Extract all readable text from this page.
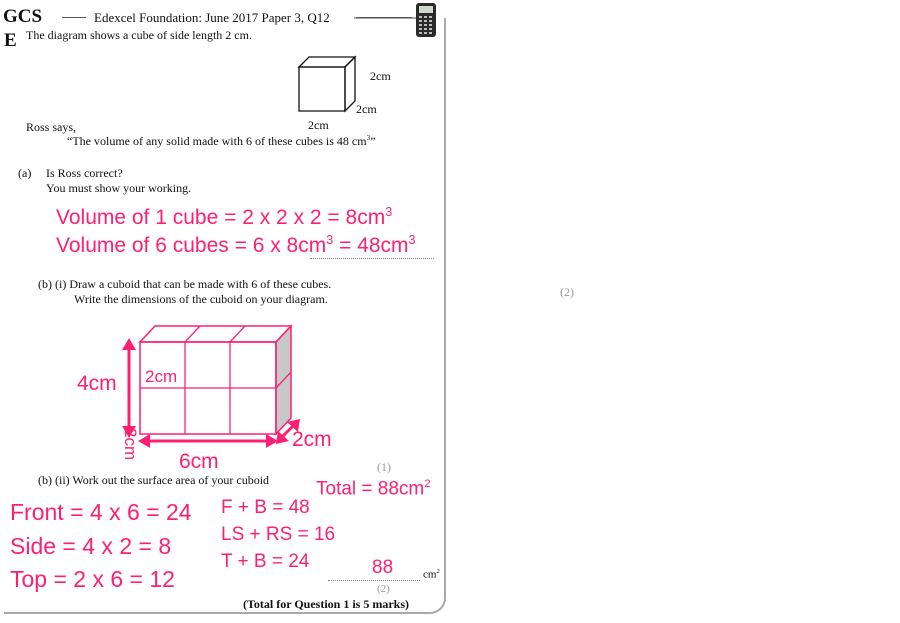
GCS
E
Edexcel Foundation: June 2017 Paper 3, Q12
The diagram shows a cube of side length 2 cm.
2cm
2cm
2cm
Ross says,
“The volume of any solid made with 6 of these cubes is 48 $cm^3$”
(a) Is Ross correct?
You must show your working.
Volume of 1 cube = 2 x 2 x $2 = 8cm^3$
Volume of 6 cubes = 6 x $8cm^3 = 48cm^3$
(2)
(b) (i) Draw a cuboid that can be made with 6 of these cubes.
Write the dimensions of the cuboid on your diagram.
4cm 2cm
2cm
6cm
2cm
(1)
(b) (ii) Work out the surface area of your cuboid Total = $88cm^2$
Front = 4 x 6 = 24
Side = 4 x 2 = 8
Top = 2 x 6 = 12
F + B = 48
LS + RS = 16
T + B = 24	88	$cm^2$
(2)
(Total for Question 1 is 5 marks)
